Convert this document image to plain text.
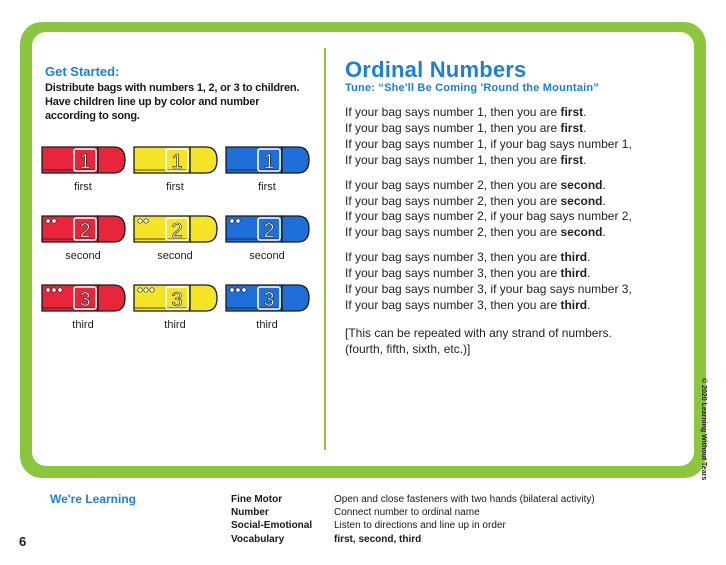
Get Started:
Distribute bags with numbers 1, 2, or 3 to children. Have children line up by color and number according to song.
1
first
1
first
1
first
2
second
2
second
2
second
3
third
3
third
3
third
Ordinal Numbers
Tune: “She'll Be Coming 'Round the Mountain”
If your bag says number 1, then you are first.
If your bag says number 1, then you are first.
If your bag says number 1, if your bag says number 1,
If your bag says number 1, then you are first.
If your bag says number 2, then you are second.
If your bag says number 2, then you are second.
If your bag says number 2, if your bag says number 2,
If your bag says number 2, then you are second.
If your bag says number 3, then you are third.
If your bag says number 3, then you are third.
If your bag says number 3, if your bag says number 3,
If your bag says number 3, then you are third.
[This can be repeated with any strand of numbers.
(fourth, fifth, sixth, etc.)]
© 2020 Learning Without Tears
We're Learning	Fine Motor	Open and close fasteners with two hands (bilateral activity)
Number	Connect number to ordinal name
Social-Emotional	Listen to directions and line up in order
Vocabulary	first, second, third
6
